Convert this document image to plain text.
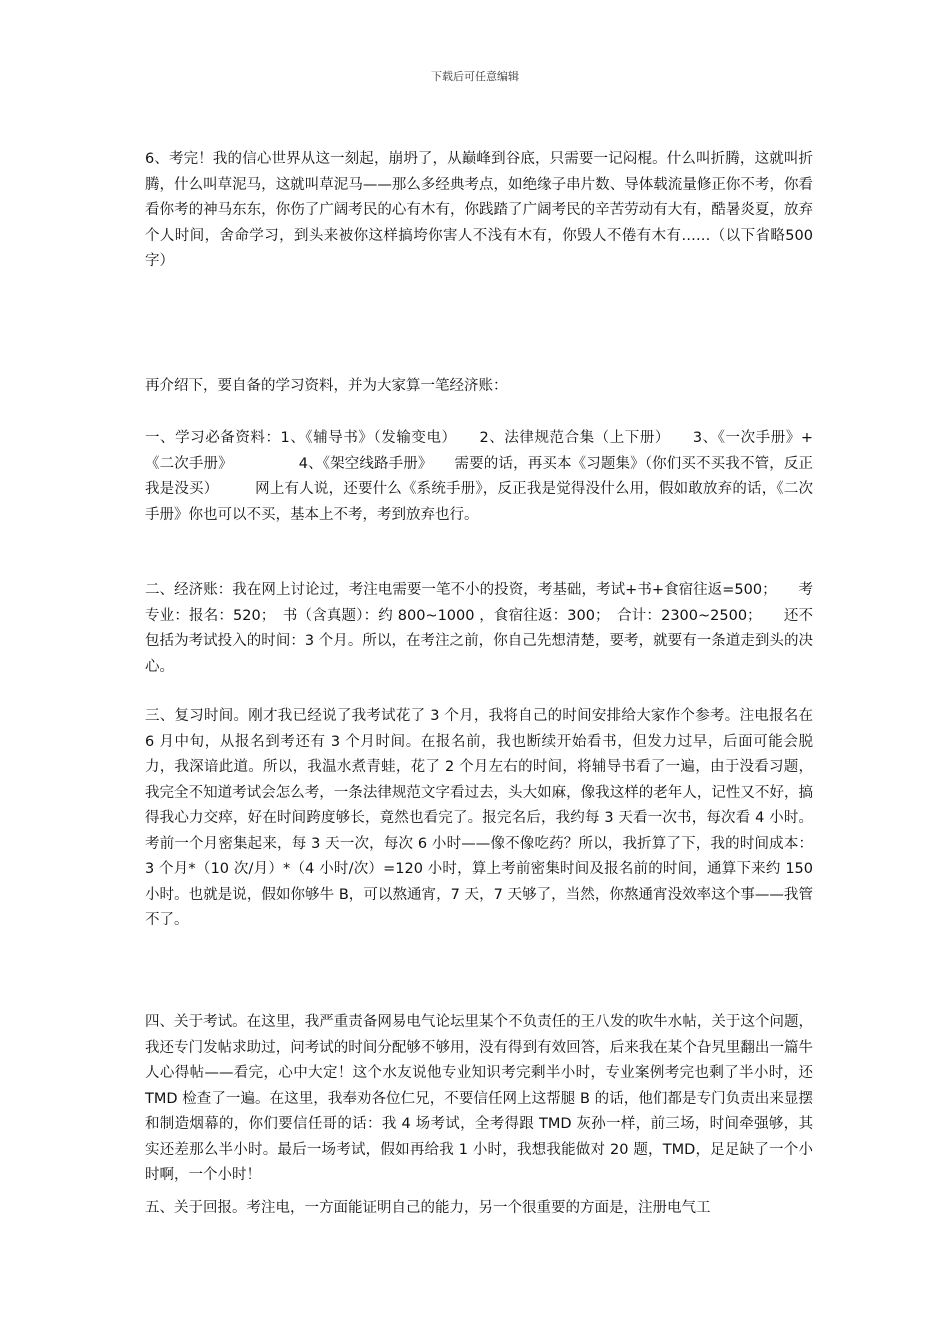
下载后可任意编辑

6、考完！我的信心世界从这一刻起，崩坍了，从巅峰到谷底，只需要一记闷棍。什么叫折腾，这就叫折腾，什么叫草泥马，这就叫草泥马——那么多经典考点，如绝缘子串片数、导体载流量修正你不考，你看看你考的神马东东，你伤了广阔考民的心有木有，你践踏了广阔考民的辛苦劳动有大有，酷暑炎夏，放弃个人时间，舍命学习，到头来被你这样搞垮你害人不浅有木有，你毁人不倦有木有……（以下省略500字）

再介绍下，要自备的学习资料，并为大家算一笔经济账：

一、学习必备资料：1、《辅导书》（发输变电）　　2、法律规范合集（上下册）　　3、《一次手册》+《二次手册》　　　　　4、《架空线路手册》　　需要的话，再买本《习题集》（你们买不买我不管，反正我是没买）　　　网上有人说，还要什么《系统手册》，反正我是觉得没什么用，假如敢放弃的话，《二次手册》你也可以不买，基本上不考，考到放弃也行。

二、经济账：我在网上讨论过，考注电需要一笔不小的投资，考基础，考试+书+食宿往返=500；　　考专业：报名：520；　书（含真题）：约 800~1000 ，食宿往返：300；　合计：2300~2500；　　还不包括为考试投入的时间：3 个月。所以，在考注之前，你自己先想清楚，要考，就要有一条道走到头的决心。

三、复习时间。刚才我已经说了我考试花了 3 个月，我将自己的时间安排给大家作个参考。注电报名在 6 月中旬，从报名到考还有 3 个月时间。在报名前，我也断续开始看书，但发力过早，后面可能会脱力，我深谙此道。所以，我温水煮青蛙，花了 2 个月左右的时间，将辅导书看了一遍，由于没看习题，我完全不知道考试会怎么考，一条法律规范文字看过去，头大如麻，像我这样的老年人，记性又不好，搞得我心力交瘁，好在时间跨度够长，竟然也看完了。报完名后，我约每 3 天看一次书，每次看 4 小时。考前一个月密集起来，每 3 天一次，每次 6 小时——像不像吃药？所以，我折算了下，我的时间成本：3 个月*（10 次/月）*（4 小时/次）=120 小时，算上考前密集时间及报名前的时间，通算下来约 150 小时。也就是说，假如你够牛 B，可以熬通宵，7 天，7 天够了，当然，你熬通宵没效率这个事——我管不了。

四、关于考试。在这里，我严重责备网易电气论坛里某个不负责任的王八发的吹牛水帖，关于这个问题，我还专门发帖求助过，问考试的时间分配够不够用，没有得到有效回答，后来我在某个旮旯里翻出一篇牛人心得帖——看完，心中大定！这个水友说他专业知识考完剩半小时，专业案例考完也剩了半小时，还 TMD 检查了一遍。在这里，我奉劝各位仁兄，不要信任网上这帮腿 B 的话，他们都是专门负责出来显摆和制造烟幕的，你们要信任哥的话：我 4 场考试，全考得跟 TMD 灰孙一样，前三场，时间牵强够，其实还差那么半小时。最后一场考试，假如再给我 1 小时，我想我能做对 20 题，TMD，足足缺了一个小时啊，一个小时！

五、关于回报。考注电，一方面能证明自己的能力，另一个很重要的方面是，注册电气工
